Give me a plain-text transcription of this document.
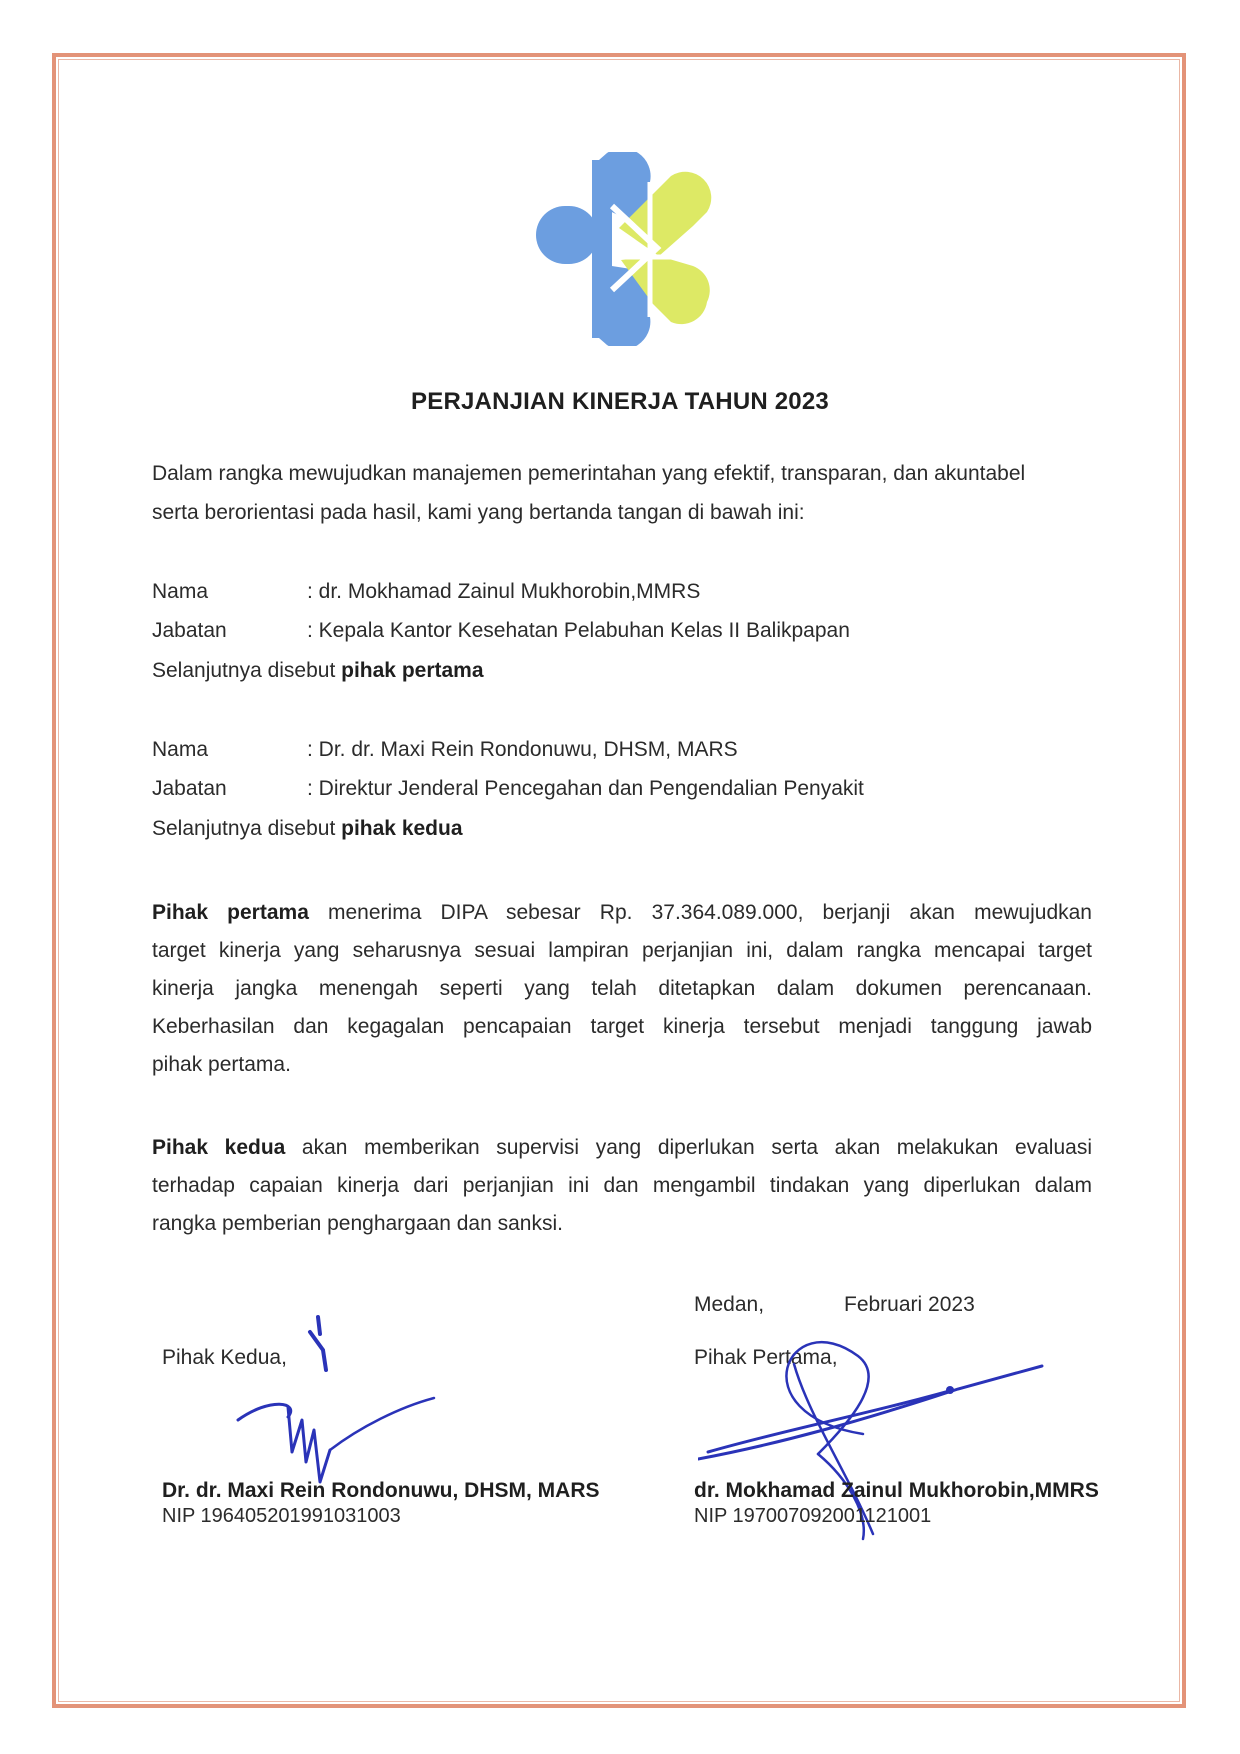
PERJANJIAN KINERJA TAHUN 2023
Dalam rangka mewujudkan manajemen pemerintahan yang efektif, transparan, dan akuntabel
serta berorientasi pada hasil, kami yang bertanda tangan di bawah ini:
Nama	: dr. Mokhamad Zainul Mukhorobin,MMRS
Jabatan	: Kepala Kantor Kesehatan Pelabuhan Kelas II Balikpapan
Selanjutnya disebut pihak pertama
Nama	: Dr. dr. Maxi Rein Rondonuwu, DHSM, MARS
Jabatan	: Direktur Jenderal Pencegahan dan Pengendalian Penyakit
Selanjutnya disebut pihak kedua
Pihak pertama menerima DIPA sebesar Rp. 37.364.089.000, berjanji akan mewujudkan
target kinerja yang seharusnya sesuai lampiran perjanjian ini, dalam rangka mencapai target
kinerja jangka menengah seperti yang telah ditetapkan dalam dokumen perencanaan.
Keberhasilan dan kegagalan pencapaian target kinerja tersebut menjadi tanggung jawab
pihak pertama.
Pihak kedua akan memberikan supervisi yang diperlukan serta akan melakukan evaluasi
terhadap capaian kinerja dari perjanjian ini dan mengambil tindakan yang diperlukan dalam
rangka pemberian penghargaan dan sanksi.
Medan,	Februari 2023
Pihak Kedua,	Pihak Pertama,
Dr. dr. Maxi Rein Rondonuwu, DHSM, MARS
NIP 196405201991031003
dr. Mokhamad Zainul Mukhorobin,MMRS
NIP 197007092001121001
